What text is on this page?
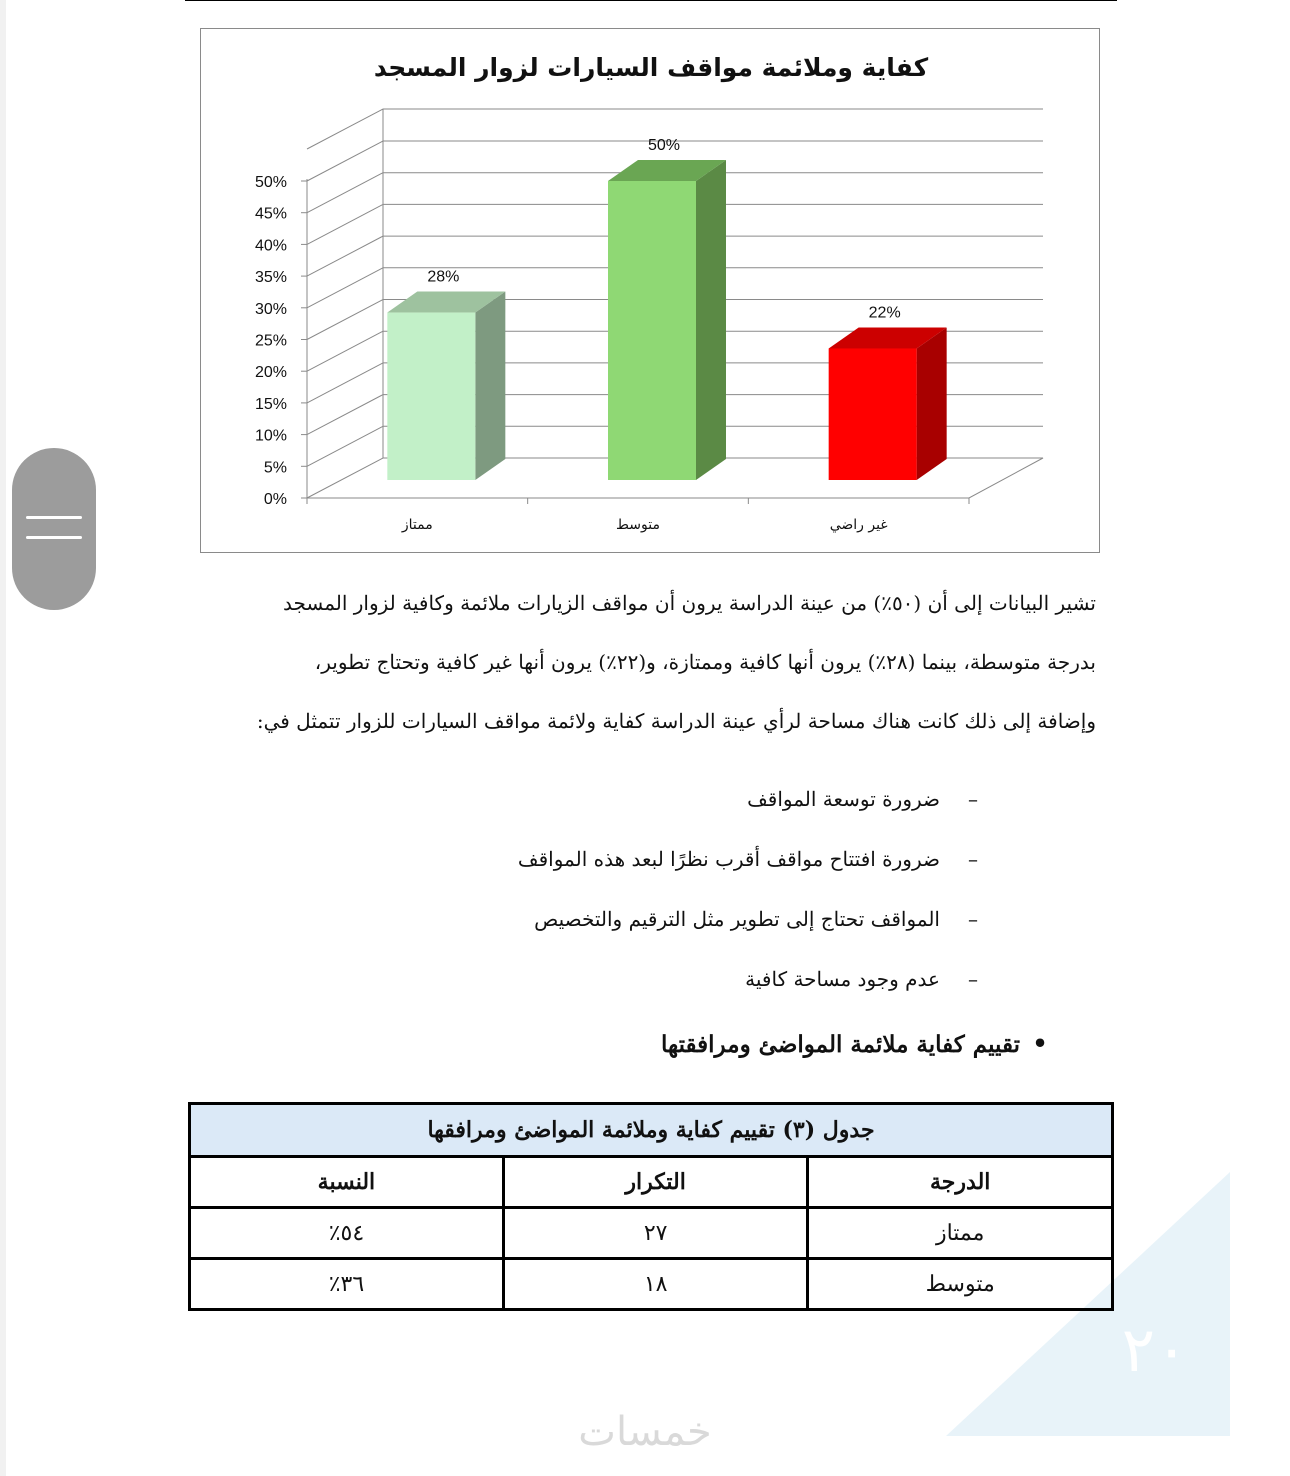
كفاية وملائمة مواقف السيارات لزوار المسجد
0%
5%
10%
15%
20%
25%
30%
35%
40%
45%
50%
28%
ممتاز
50%
متوسط
22%
غير راضي

تشير البيانات إلى أن (٥٠٪) من عينة الدراسة يرون أن مواقف الزيارات ملائمة وكافية لزوار المسجد

بدرجة متوسطة، بينما (٢٨٪) يرون أنها كافية وممتازة، و(٢٢٪) يرون أنها غير كافية وتحتاج تطوير،

وإضافة إلى ذلك كانت هناك مساحة لرأي عينة الدراسة كفاية ولائمة مواقف السيارات للزوار تتمثل في:

–ضرورة توسعة المواقف
–ضرورة افتتاح مواقف أقرب نظرًا لبعد هذه المواقف
–المواقف تحتاج إلى تطوير مثل الترقيم والتخصيص
–عدم وجود مساحة كافية
•تقييم كفاية ملائمة المواضئ ومرافقتها
جدول (٣) تقييم كفاية وملائمة المواضئ ومرافقها		
الدرجة	التكرار	النسبة
ممتاز	٢٧	٥٤٪
متوسط	١٨	٣٦٪
٢٠
خمسات
